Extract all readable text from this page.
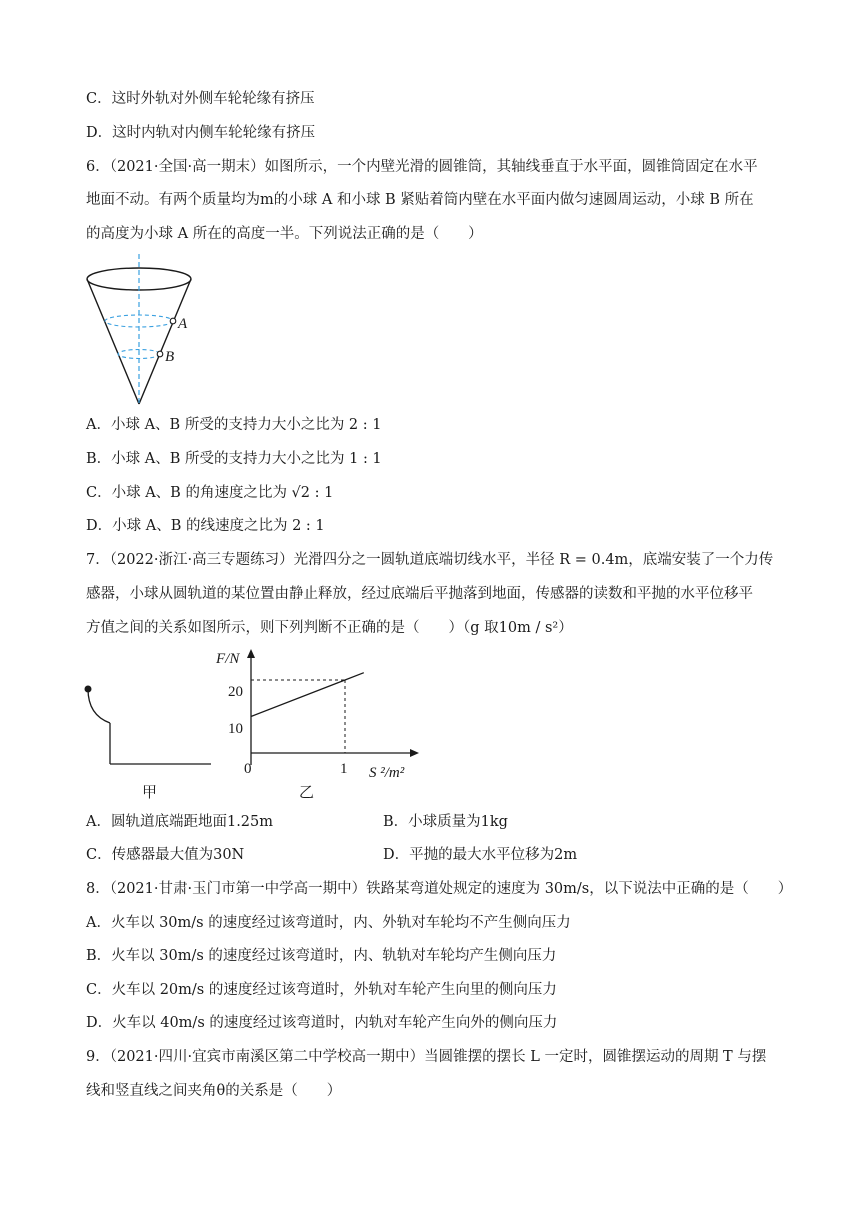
C．这时外轨对外侧车轮轮缘有挤压
D．这时内轨对内侧车轮轮缘有挤压
6．（2021·全国·高一期末）如图所示，一个内壁光滑的圆锥筒，其轴线垂直于水平面，圆锥筒固定在水平
地面不动。有两个质量均为m的小球 A 和小球 B 紧贴着筒内壁在水平面内做匀速圆周运动，小球 B 所在
的高度为小球 A 所在的高度一半。下列说法正确的是（　　）
A
B
A．小球 A、B 所受的支持力大小之比为 2 : 1
B．小球 A、B 所受的支持力大小之比为 1 : 1
C．小球 A、B 的角速度之比为 √2 : 1
D．小球 A、B 的线速度之比为 2 : 1
7．（2022·浙江·高三专题练习）光滑四分之一圆轨道底端切线水平，半径 R = 0.4m，底端安装了一个力传
感器，小球从圆轨道的某位置由静止释放，经过底端后平抛落到地面，传感器的读数和平抛的水平位移平
方值之间的关系如图所示，则下列判断不正确的是（　　）（g 取10m / s²）
甲
F/N
S ²/m²
20
10
0	1
乙
A．圆轨道底端距地面1.25m	B．小球质量为1kg
C．传感器最大值为30N	D．平抛的最大水平位移为2m
8．（2021·甘肃·玉门市第一中学高一期中）铁路某弯道处规定的速度为 30m/s，以下说法中正确的是（　　）
A．火车以 30m/s 的速度经过该弯道时，内、外轨对车轮均不产生侧向压力
B．火车以 30m/s 的速度经过该弯道时，内、轨轨对车轮均产生侧向压力
C．火车以 20m/s 的速度经过该弯道时，外轨对车轮产生向里的侧向压力
D．火车以 40m/s 的速度经过该弯道时，内轨对车轮产生向外的侧向压力
9．（2021·四川·宜宾市南溪区第二中学校高一期中）当圆锥摆的摆长 L 一定时，圆锥摆运动的周期 T 与摆
线和竖直线之间夹角θ的关系是（　　）
